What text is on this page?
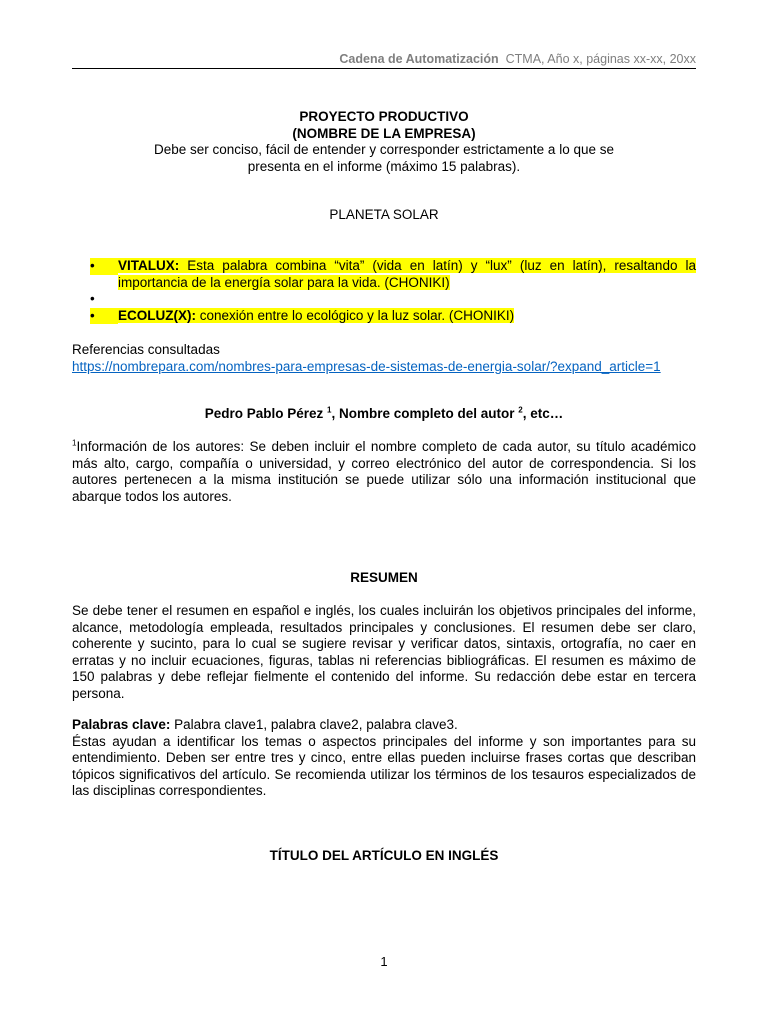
Cadena de Automatización CTMA, Año x, páginas xx-xx, 20xx
PROYECTO PRODUCTIVO
(NOMBRE DE LA EMPRESA)
Debe ser conciso, fácil de entender y corresponder estrictamente a lo que se
presenta en el informe (máximo 15 palabras).
PLANETA SOLAR
•	VITALUX: Esta palabra combina “vita” (vida en latín) y “lux” (luz en latín), resaltando la importancia de la energía solar para la vida. (CHONIKI)
•
•	ECOLUZ(X): conexión entre lo ecológico y la luz solar. (CHONIKI)
Referencias consultadas
https://nombrepara.com/nombres-para-empresas-de-sistemas-de-energia-solar/?expand_article=1
Pedro Pablo Pérez $^1$, Nombre completo del autor $^2$, etc…
$^1$Información de los autores: Se deben incluir el nombre completo de cada autor, su título académico más alto, cargo, compañía o universidad, y correo electrónico del autor de correspondencia. Si los autores pertenecen a la misma institución se puede utilizar sólo una información institucional que abarque todos los autores.
RESUMEN
Se debe tener el resumen en español e inglés, los cuales incluirán los objetivos principales del informe, alcance, metodología empleada, resultados principales y conclusiones. El resumen debe ser claro, coherente y sucinto, para lo cual se sugiere revisar y verificar datos, sintaxis, ortografía, no caer en erratas y no incluir ecuaciones, figuras, tablas ni referencias bibliográficas. El resumen es máximo de 150 palabras y debe reflejar fielmente el contenido del informe. Su redacción debe estar en tercera persona.
Palabras clave: Palabra clave1, palabra clave2, palabra clave3.
Éstas ayudan a identificar los temas o aspectos principales del informe y son importantes para su entendimiento. Deben ser entre tres y cinco, entre ellas pueden incluirse frases cortas que describan tópicos significativos del artículo. Se recomienda utilizar los términos de los tesauros especializados de las disciplinas correspondientes.
TÍTULO DEL ARTÍCULO EN INGLÉS
1
